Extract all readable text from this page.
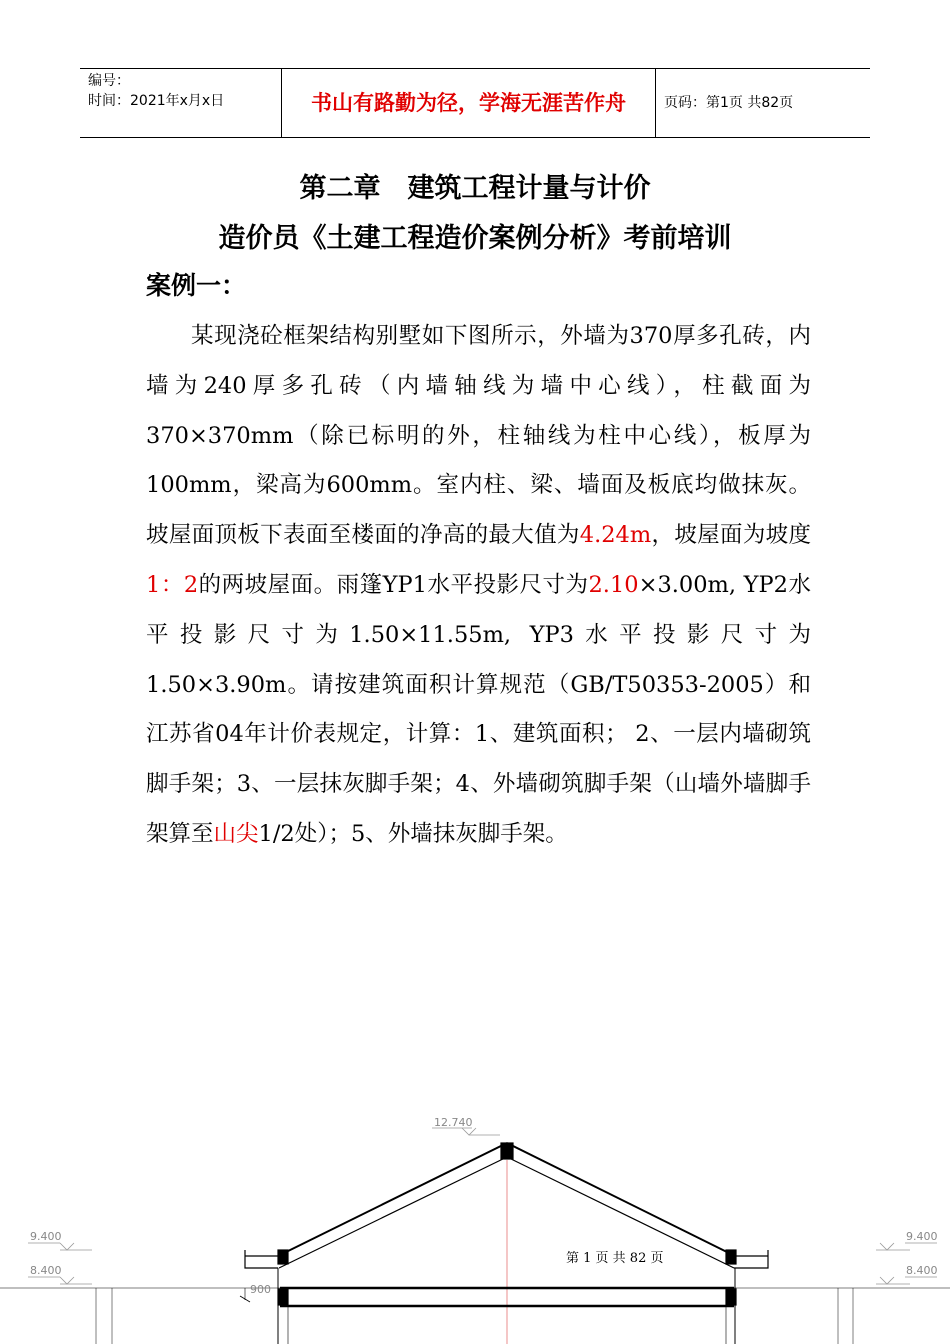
编号：
时间：2021年x月x日	书山有路勤为径，学海无涯苦作舟	页码：第1页 共82页
第二章　建筑工程计量与计价
造价员《土建工程造价案例分析》考前培训
案例一：

某现浇砼框架结构别墅如下图所示，外墙为370厚多孔砖，内墙为240厚多孔砖（内墙轴线为墙中心线），柱截面为370×370mm（除已标明的外，柱轴线为柱中心线），板厚为100mm，梁高为600mm。室内柱、梁、墙面及板底均做抹灰。坡屋面顶板下表面至楼面的净高的最大值为4.24m，坡屋面为坡度1：2的两坡屋面。雨篷YP1水平投影尺寸为2.10×3.00m, YP2水平投影尺寸为1.50×11.55m, YP3水平投影尺寸为1.50×3.90m。请按建筑面积计算规范（GB/T50353-2005）和江苏省04年计价表规定，计算：1、建筑面积； 2、一层内墙砌筑脚手架；3、一层抹灰脚手架；4、外墙砌筑脚手架（山墙外墙脚手架算至山尖1/2处）；5、外墙抹灰脚手架。

12.740
9.400
8.400
9.400
8.400
900
第 1 页 共 82 页
